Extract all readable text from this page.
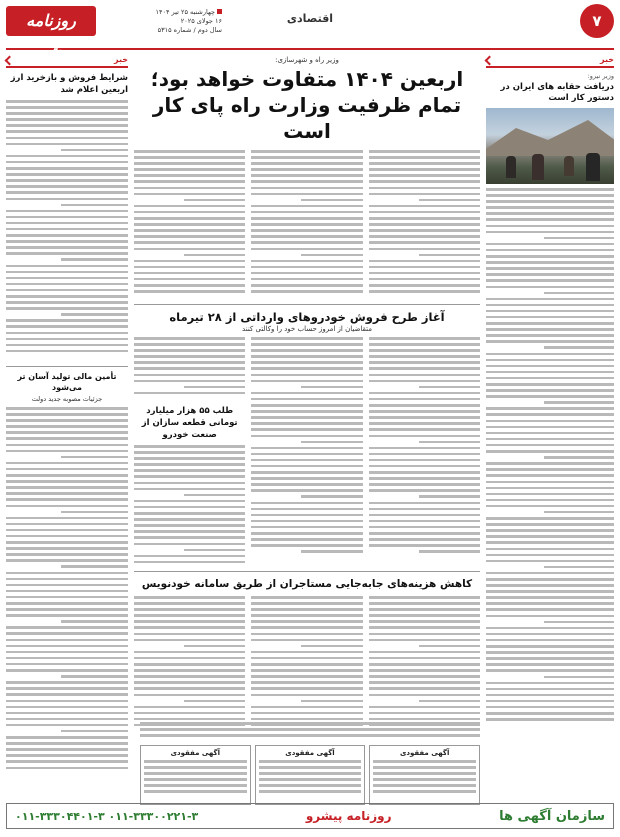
روزنامه پیشرو
چهارشنبه ۲۵ تیر ۱۴۰۴
۱۶ جولای ۲۰۲۵
سال دوم / شماره ۵۳۱۵
اقتصادی	۷
خبر
وزیر نیرو:
دریافت حقابه های ایران در دستور کار است
وزیر راه و شهرسازی:
اربعین ۱۴۰۴ متفاوت خواهد بود؛
تمام ظرفیت وزارت راه پای کار است
آغاز طرح فروش خودروهای وارداتی از ۲۸ تیرماه
متقاضیان از امروز حساب خود را وکالتی کنند
طلب ۵۵ هزار میلیارد تومانی قطعه سازان از صنعت خودرو
کاهش هزینه‌های جابه‌جایی مستاجران از طریق سامانه خودنویس
آگهی مفقودی
آگهی مفقودی
آگهی مفقودی
خبر
شرایط فروش و بازخرید ارز اربعین اعلام شد
تأمین مالی تولید آسان تر می‌شود
جزئیات مصوبه جدید دولت
سازمان آگهی ها
روزنامه پیشرو
۰۱۱-۳۳۳۰۴۴۰۱-۳ ۰۱۱-۳۳۳۰۰۲۲۱-۳
